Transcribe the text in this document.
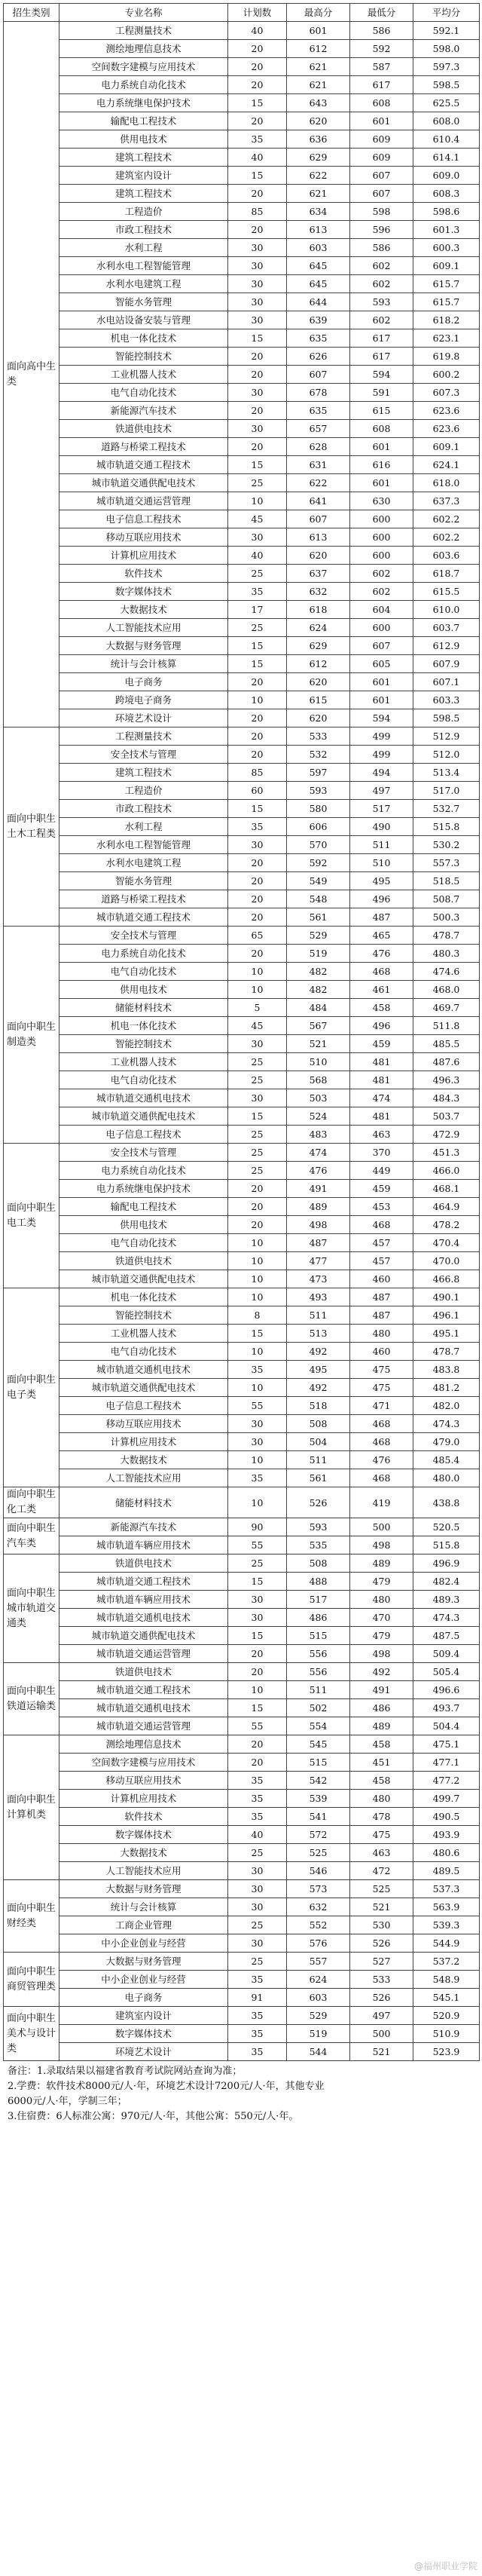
招生类别	专业名称	计划数	最高分	最低分	平均分
面向高中生类	工程测量技术	40	601	586	592.1
	测绘地理信息技术	20	612	592	598.0
	空间数字建模与应用技术	20	621	587	597.3
	电力系统自动化技术	20	621	617	598.5
	电力系统继电保护技术	15	643	608	625.5
	输配电工程技术	20	620	601	608.0
	供用电技术	35	636	609	610.4
	建筑工程技术	40	629	609	614.1
	建筑室内设计	15	622	607	609.0
	建筑工程技术	20	621	607	608.3
	工程造价	85	634	598	598.6
	市政工程技术	20	613	596	601.3
	水利工程	30	603	586	600.3
	水利水电工程智能管理	30	645	602	609.1
	水利水电建筑工程	30	645	602	615.7
	智能水务管理	30	644	593	615.7
	水电站设备安装与管理	30	639	602	618.2
	机电一体化技术	15	635	617	623.1
	智能控制技术	20	626	617	619.8
	工业机器人技术	20	607	594	600.2
	电气自动化技术	30	678	591	607.3
	新能源汽车技术	20	635	615	623.6
	铁道供电技术	30	657	608	623.6
	道路与桥梁工程技术	20	628	601	609.1
	城市轨道交通工程技术	15	631	616	624.1
	城市轨道交通供配电技术	25	622	601	618.0
	城市轨道交通运营管理	10	641	630	637.3
	电子信息工程技术	45	607	600	602.2
	移动互联应用技术	30	613	600	602.2
	计算机应用技术	40	620	600	603.6
	软件技术	25	637	602	618.7
	数字媒体技术	35	632	602	615.5
	大数据技术	17	618	604	610.0
	人工智能技术应用	25	624	600	603.7
	大数据与财务管理	15	629	607	612.9
	统计与会计核算	15	612	605	607.9
	电子商务	20	620	601	607.1
	跨境电子商务	10	615	601	603.3
	环境艺术设计	20	620	594	598.5
面向中职生土木工程类	工程测量技术	20	533	499	512.9
	安全技术与管理	20	532	499	512.0
	建筑工程技术	85	597	494	513.4
	工程造价	60	593	497	517.0
	市政工程技术	15	580	517	532.7
	水利工程	35	606	490	515.8
	水利水电工程智能管理	30	570	511	530.2
	水利水电建筑工程	20	592	510	557.3
	智能水务管理	20	549	495	518.5
	道路与桥梁工程技术	20	548	496	508.7
	城市轨道交通工程技术	20	561	487	500.3
面向中职生制造类	安全技术与管理	65	529	465	478.7
	电力系统自动化技术	20	519	476	480.3
	电气自动化技术	10	482	468	474.6
	供用电技术	10	482	461	468.0
	储能材料技术	5	484	458	469.7
	机电一体化技术	45	567	496	511.8
	智能控制技术	30	521	459	485.5
	工业机器人技术	25	510	481	487.6
	电气自动化技术	25	568	481	496.3
	城市轨道交通机电技术	30	503	474	484.3
	城市轨道交通供配电技术	15	524	481	503.7
	电子信息工程技术	25	483	463	472.9
面向中职生电工类	安全技术与管理	25	474	370	451.3
	电力系统自动化技术	25	476	449	466.0
	电力系统继电保护技术	20	491	459	468.1
	输配电工程技术	20	489	453	464.9
	供用电技术	20	498	468	478.2
	电气自动化技术	10	487	457	470.4
	铁道供电技术	10	477	457	470.0
	城市轨道交通供配电技术	10	473	460	466.8
面向中职生电子类	机电一体化技术	10	493	487	490.1
	智能控制技术	8	511	487	496.1
	工业机器人技术	15	513	480	495.1
	电气自动化技术	10	492	460	478.7
	城市轨道交通机电技术	35	495	475	483.8
	城市轨道交通供配电技术	10	492	475	481.2
	电子信息工程技术	55	518	471	482.0
	移动互联应用技术	30	508	468	474.3
	计算机应用技术	30	504	468	479.0
	大数据技术	10	511	476	485.4
	人工智能技术应用	35	561	468	480.0
面向中职生化工类	储能材料技术	10	526	419	438.8
面向中职生汽车类	新能源汽车技术	90	593	500	520.5
	城市轨道车辆应用技术	55	535	498	515.8
面向中职生城市轨道交通类	铁道供电技术	25	508	489	496.9
	城市轨道交通工程技术	15	488	479	482.4
	城市轨道车辆应用技术	30	517	480	489.3
	城市轨道交通机电技术	30	486	470	474.3
	城市轨道交通供配电技术	15	515	479	487.5
	城市轨道交通运营管理	20	556	498	509.4
面向中职生铁道运输类	铁道供电技术	20	556	492	505.4
	城市轨道交通工程技术	10	511	491	496.6
	城市轨道交通机电技术	15	502	486	493.7
	城市轨道交通运营管理	55	554	489	504.4
面向中职生计算机类	测绘地理信息技术	20	545	458	475.1
	空间数字建模与应用技术	20	515	451	477.1
	移动互联应用技术	35	542	458	477.2
	计算机应用技术	35	539	480	499.7
	软件技术	35	541	478	490.5
	数字媒体技术	40	572	475	493.9
	大数据技术	25	525	463	480.6
	人工智能技术应用	30	546	472	489.5
面向中职生财经类	大数据与财务管理	30	573	525	537.3
	统计与会计核算	30	632	521	563.9
	工商企业管理	25	552	530	539.3
	中小企业创业与经营	30	576	526	544.9
面向中职生商贸管理类	大数据与财务管理	25	557	527	537.2
	中小企业创业与经营	35	624	533	548.9
	电子商务	91	603	526	545.1
面向中职生美术与设计类	建筑室内设计	35	529	497	520.9
	数字媒体技术	35	519	500	510.9
	环境艺术设计	35	544	521	523.9
备注：1.录取结果以福建省教育考试院网站查询为准；
2.学费：软件技术8000元/人·年，环境艺术设计7200元/人·年，其他专业
6000元/人·年，学制三年；
3.住宿费：6人标准公寓：970元/人·年，其他公寓：550元/人·年。
@福州职业学院
